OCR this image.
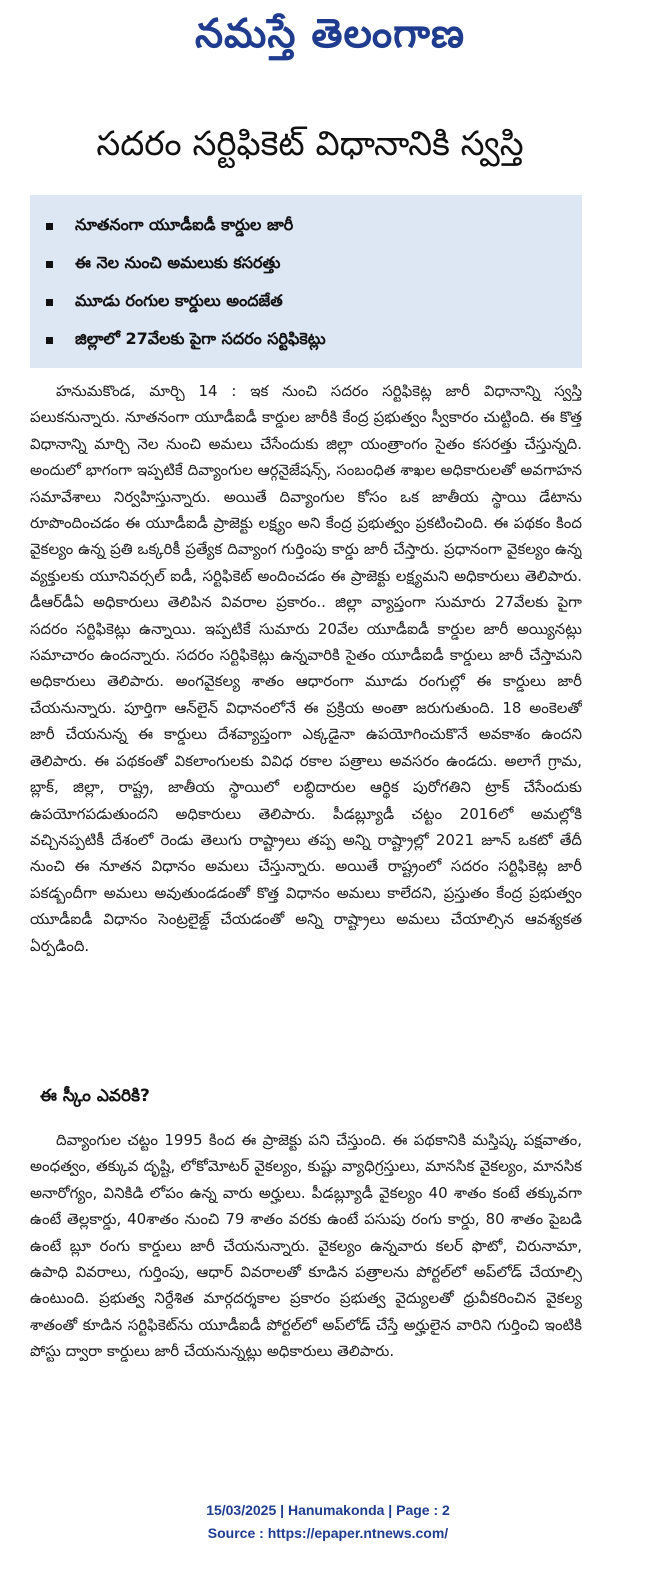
నమస్తే తెలంగాణ
సదరం సర్టిఫికెట్ విధానానికి స్వస్తి
నూతనంగా యూడీఐడీ కార్డుల జారీ
ఈ నెల నుంచి అమలుకు కసరత్తు
మూడు రంగుల కార్డులు అందజేత
జిల్లాలో 27వేలకు పైగా సదరం సర్టిఫికెట్లు

హనుమకొండ, మార్చి 14 : ఇక నుంచి సదరం సర్టిఫికెట్ల జారీ విధానాన్ని స్వస్తి పలుకనున్నారు. నూతనంగా యూడీఐడీ కార్డుల జారీకి కేంద్ర ప్రభుత్వం స్వీకారం చుట్టింది. ఈ కొత్త విధానాన్ని మార్చి నెల నుంచి అమలు చేసేందుకు జిల్లా యంత్రాంగం సైతం కసరత్తు చేస్తున్నది. అందులో భాగంగా ఇప్పటికే దివ్యాంగుల ఆర్గనైజేషన్స్, సంబంధిత శాఖల అధికారులతో అవగాహన సమావేశాలు నిర్వహిస్తున్నారు. అయితే దివ్యాంగుల కోసం ఒక జాతీయ స్థాయి డేటాను రూపొందించడం ఈ యూడీఐడీ ప్రాజెక్టు లక్ష్యం అని కేంద్ర ప్రభుత్వం ప్రకటించింది. ఈ పథకం కింద వైకల్యం ఉన్న ప్రతి ఒక్కరికీ ప్రత్యేక దివ్యాంగ గుర్తింపు కార్డు జారీ చేస్తారు. ప్రధానంగా వైకల్యం ఉన్న వ్యక్తులకు యూనివర్సల్ ఐడీ, సర్టిఫికెట్ అందించడం ఈ ప్రాజెక్టు లక్ష్యమని అధికారులు తెలిపారు. డీఆర్‌డీఏ అధికారులు తెలిపిన వివరాల ప్రకారం.. జిల్లా వ్యాప్తంగా సుమారు 27వేలకు పైగా సదరం సర్టిఫికెట్లు ఉన్నాయి. ఇప్పటికే సుమారు 20వేల యూడీఐడీ కార్డుల జారీ అయ్యినట్లు సమాచారం ఉందన్నారు. సదరం సర్టిఫికెట్లు ఉన్నవారికి సైతం యూడీఐడీ కార్డులు జారీ చేస్తామని అధికారులు తెలిపారు. అంగవైకల్య శాతం ఆధారంగా మూడు రంగుల్లో ఈ కార్డులు జారీ చేయనున్నారు. పూర్తిగా ఆన్‌లైన్ విధానంలోనే ఈ ప్రక్రియ అంతా జరుగుతుంది. 18 అంకెలతో జారీ చేయనున్న ఈ కార్డులు దేశవ్యాప్తంగా ఎక్కడైనా ఉపయోగించుకొనే అవకాశం ఉందని తెలిపారు. ఈ పథకంతో వికలాంగులకు వివిధ రకాల పత్రాలు అవసరం ఉండదు. అలాగే గ్రామ, బ్లాక్, జిల్లా, రాష్ట్ర, జాతీయ స్థాయిలో లబ్ధిదారుల ఆర్థిక పురోగతిని ట్రాక్ చేసేందుకు ఉపయోగపడుతుందని అధికారులు తెలిపారు. పీడబ్ల్యూడీ చట్టం 2016లో అమల్లోకి వచ్చినప్పటికీ దేశంలో రెండు తెలుగు రాష్ట్రాలు తప్ప అన్ని రాష్ట్రాల్లో 2021 జూన్ ఒకటో తేదీ నుంచి ఈ నూతన విధానం అమలు చేస్తున్నారు. అయితే రాష్ట్రంలో సదరం సర్టిఫికెట్ల జారీ పకడ్బందీగా అమలు అవుతుండడంతో కొత్త విధానం అమలు కాలేదని, ప్రస్తుతం కేంద్ర ప్రభుత్వం యూడీఐడీ విధానం సెంట్రలైజ్డ్ చేయడంతో అన్ని రాష్ట్రాలు అమలు చేయాల్సిన ఆవశ్యకత ఏర్పడింది.

ఈ స్కీం ఎవరికి?

దివ్యాంగుల చట్టం 1995 కింద ఈ ప్రాజెక్టు పని చేస్తుంది. ఈ పథకానికి మస్తిష్క పక్షవాతం, అంధత్వం, తక్కువ దృష్టి, లోకోమోటర్ వైకల్యం, కుష్టు వ్యాధిగ్రస్తులు, మానసిక వైకల్యం, మానసిక అనారోగ్యం, వినికిడి లోపం ఉన్న వారు అర్హులు. పీడబ్ల్యూడీ వైకల్యం 40 శాతం కంటే తక్కువగా ఉంటే తెల్లకార్డు, 40శాతం నుంచి 79 శాతం వరకు ఉంటే పసుపు రంగు కార్డు, 80 శాతం పైబడి ఉంటే బ్లూ రంగు కార్డులు జారీ చేయనున్నారు. వైకల్యం ఉన్నవారు కలర్ ఫొటో, చిరునామా, ఉపాధి వివరాలు, గుర్తింపు, ఆధార్ వివరాలతో కూడిన పత్రాలను పోర్టల్‌లో అప్‌లోడ్ చేయాల్సి ఉంటుంది. ప్రభుత్వ నిర్దేశిత మార్గదర్శకాల ప్రకారం ప్రభుత్వ వైద్యులతో ధ్రువీకరించిన వైకల్య శాతంతో కూడిన సర్టిఫికెట్‌ను యూడీఐడీ పోర్టల్‌లో అప్‌లోడ్ చేస్తే అర్హులైన వారిని గుర్తించి ఇంటికి పోస్టు ద్వారా కార్డులు జారీ చేయనున్నట్లు అధికారులు తెలిపారు.

15/03/2025 | Hanumakonda | Page : 2
Source : https://epaper.ntnews.com/
